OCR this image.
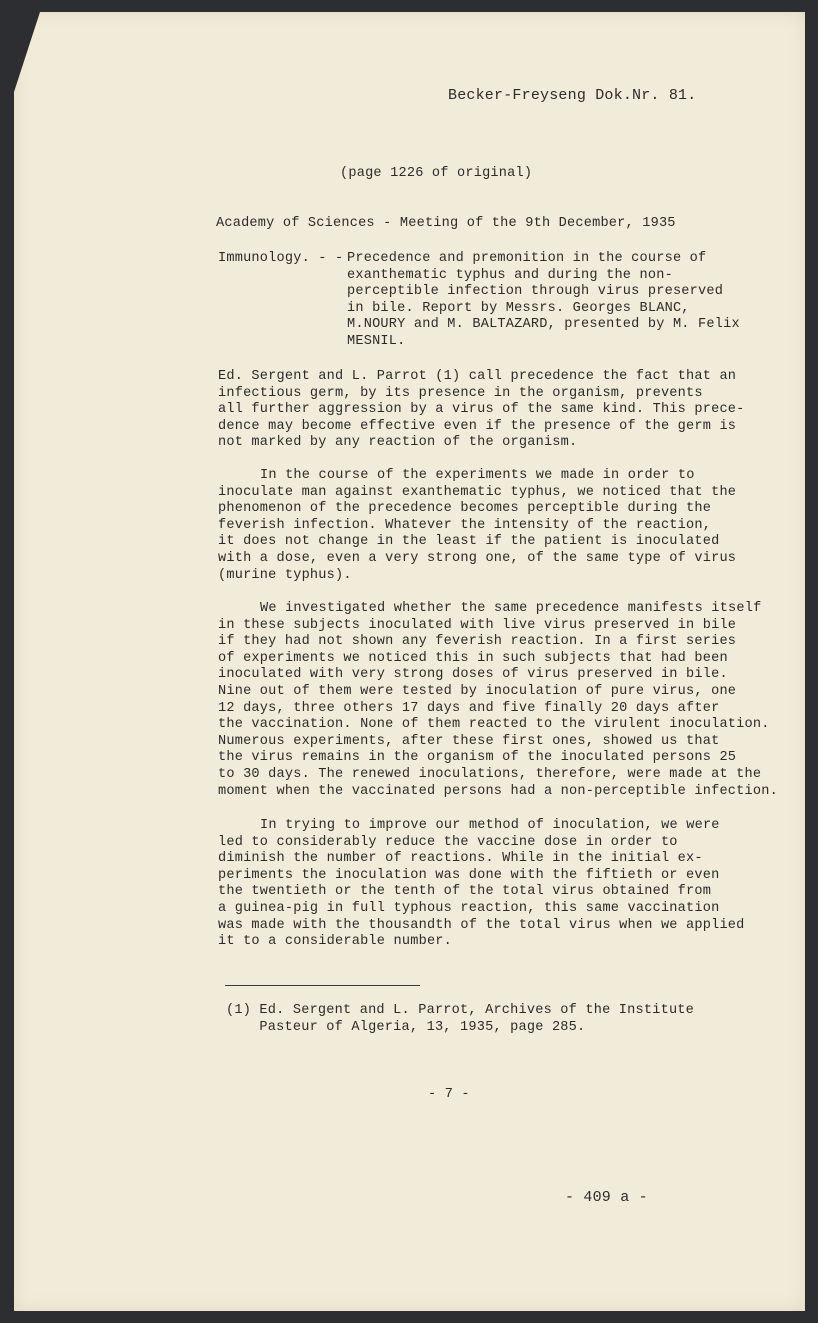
Becker-Freyseng Dok.Nr. 81.
(page 1226 of original)
Academy of Sciences - Meeting of the 9th December, 1935
Immunology. - - Precedence and premonition in the course of
exanthematic typhus and during the non-
perceptible infection through virus preserved
in bile. Report by Messrs. Georges BLANC,
M.NOURY and M. BALTAZARD, presented by M. Felix
MESNIL.
Ed. Sergent and L. Parrot (1) call precedence the fact that an
infectious germ, by its presence in the organism, prevents
all further aggression by a virus of the same kind. This prece-
dence may become effective even if the presence of the germ is
not marked by any reaction of the organism.
In the course of the experiments we made in order to
inoculate man against exanthematic typhus, we noticed that the
phenomenon of the precedence becomes perceptible during the
feverish infection. Whatever the intensity of the reaction,
it does not change in the least if the patient is inoculated
with a dose, even a very strong one, of the same type of virus
(murine typhus).
We investigated whether the same precedence manifests itself
in these subjects inoculated with live virus preserved in bile
if they had not shown any feverish reaction. In a first series
of experiments we noticed this in such subjects that had been
inoculated with very strong doses of virus preserved in bile.
Nine out of them were tested by inoculation of pure virus, one
12 days, three others 17 days and five finally 20 days after
the vaccination. None of them reacted to the virulent inoculation.
Numerous experiments, after these first ones, showed us that
the virus remains in the organism of the inoculated persons 25
to 30 days. The renewed inoculations, therefore, were made at the
moment when the vaccinated persons had a non-perceptible infection.
In trying to improve our method of inoculation, we were
led to considerably reduce the vaccine dose in order to
diminish the number of reactions. While in the initial ex-
periments the inoculation was done with the fiftieth or even
the twentieth or the tenth of the total virus obtained from
a guinea-pig in full typhous reaction, this same vaccination
was made with the thousandth of the total virus when we applied
it to a considerable number.
(1) Ed. Sergent and L. Parrot, Archives of the Institute
Pasteur of Algeria, 13, 1935, page 285.
- 7 -
- 409 a -
